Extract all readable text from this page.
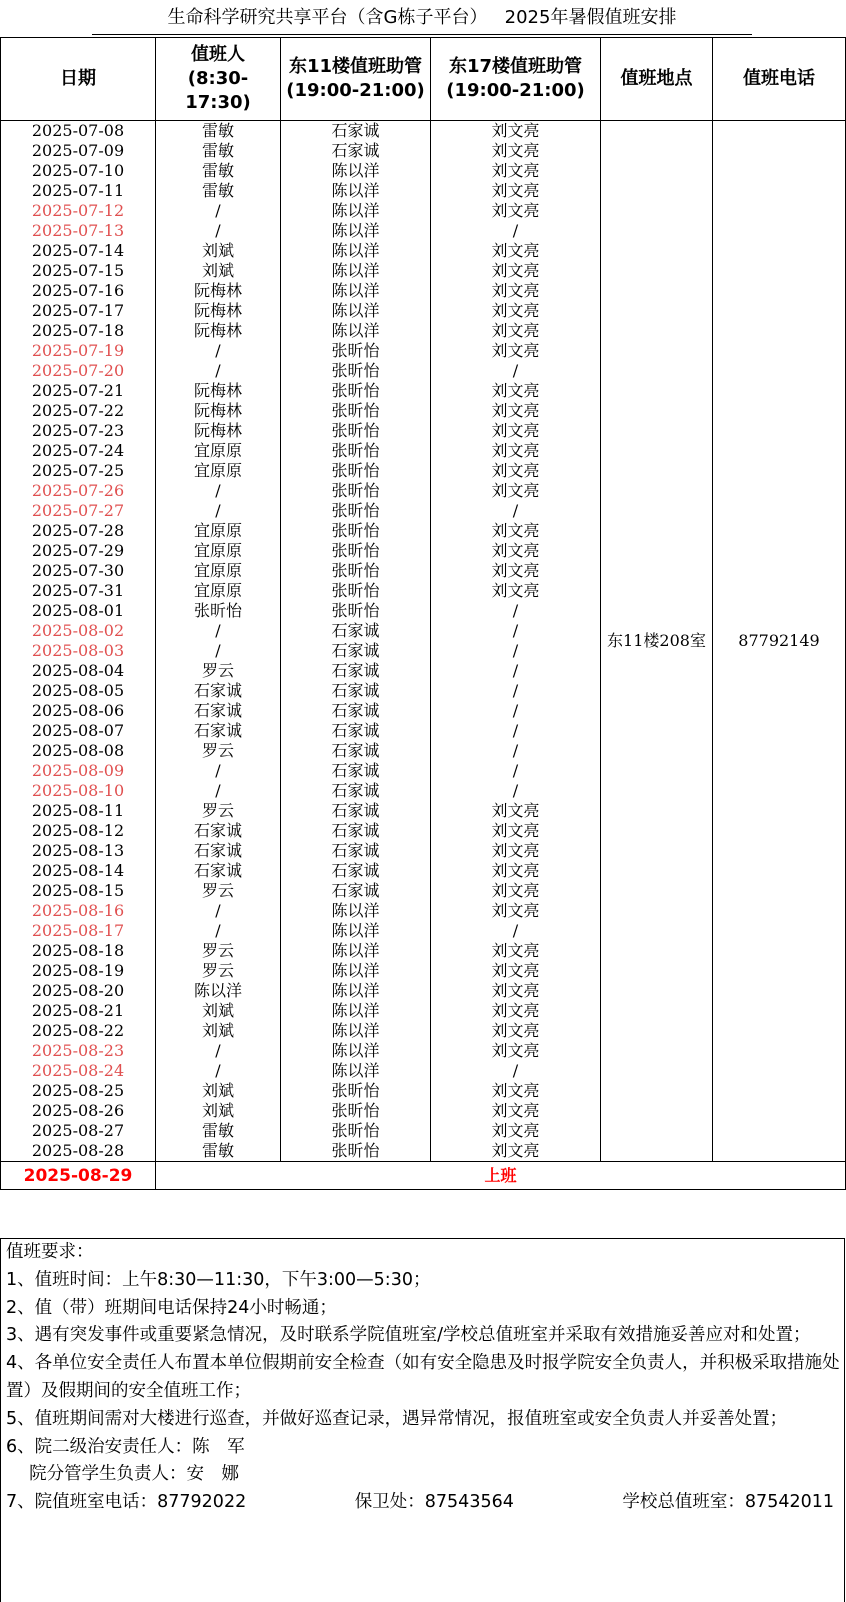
生命科学研究共享平台（含G栋子平台）   2025年暑假值班安排
日期	值班人(8:30-17:30)	东11楼值班助管(19:00-21:00)	东17楼值班助管(19:00-21:00)	值班地点	值班电话
2025-07-08	雷敏	石家诚	刘文亮	东11楼208室	87792149
2025-07-09	雷敏	石家诚	刘文亮		
2025-07-10	雷敏	陈以洋	刘文亮		
2025-07-11	雷敏	陈以洋	刘文亮		
2025-07-12	/	陈以洋	刘文亮		
2025-07-13	/	陈以洋	/		
2025-07-14	刘斌	陈以洋	刘文亮		
2025-07-15	刘斌	陈以洋	刘文亮		
2025-07-16	阮梅林	陈以洋	刘文亮		
2025-07-17	阮梅林	陈以洋	刘文亮		
2025-07-18	阮梅林	陈以洋	刘文亮		
2025-07-19	/	张昕怡	刘文亮		
2025-07-20	/	张昕怡	/		
2025-07-21	阮梅林	张昕怡	刘文亮		
2025-07-22	阮梅林	张昕怡	刘文亮		
2025-07-23	阮梅林	张昕怡	刘文亮		
2025-07-24	宜原原	张昕怡	刘文亮		
2025-07-25	宜原原	张昕怡	刘文亮		
2025-07-26	/	张昕怡	刘文亮		
2025-07-27	/	张昕怡	/		
2025-07-28	宜原原	张昕怡	刘文亮		
2025-07-29	宜原原	张昕怡	刘文亮		
2025-07-30	宜原原	张昕怡	刘文亮		
2025-07-31	宜原原	张昕怡	刘文亮		
2025-08-01	张昕怡	张昕怡	/		
2025-08-02	/	石家诚	/		
2025-08-03	/	石家诚	/		
2025-08-04	罗云	石家诚	/		
2025-08-05	石家诚	石家诚	/		
2025-08-06	石家诚	石家诚	/		
2025-08-07	石家诚	石家诚	/		
2025-08-08	罗云	石家诚	/		
2025-08-09	/	石家诚	/		
2025-08-10	/	石家诚	/		
2025-08-11	罗云	石家诚	刘文亮		
2025-08-12	石家诚	石家诚	刘文亮		
2025-08-13	石家诚	石家诚	刘文亮		
2025-08-14	石家诚	石家诚	刘文亮		
2025-08-15	罗云	石家诚	刘文亮		
2025-08-16	/	陈以洋	刘文亮		
2025-08-17	/	陈以洋	/		
2025-08-18	罗云	陈以洋	刘文亮		
2025-08-19	罗云	陈以洋	刘文亮		
2025-08-20	陈以洋	陈以洋	刘文亮		
2025-08-21	刘斌	陈以洋	刘文亮		
2025-08-22	刘斌	陈以洋	刘文亮		
2025-08-23	/	陈以洋	刘文亮		
2025-08-24	/	陈以洋	/		
2025-08-25	刘斌	张昕怡	刘文亮		
2025-08-26	刘斌	张昕怡	刘文亮		
2025-08-27	雷敏	张昕怡	刘文亮		
2025-08-28	雷敏	张昕怡	刘文亮		
2025-08-29	上班				
值班要求：
1、值班时间：上午8:30—11:30，下午3:00—5:30；
2、值（带）班期间电话保持24小时畅通；
3、遇有突发事件或重要紧急情况，及时联系学院值班室/学校总值班室并采取有效措施妥善应对和处置；
4、各单位安全责任人布置本单位假期前安全检查（如有安全隐患及时报学院安全负责人，并积极采取措施处置）及假期间的安全值班工作；
5、值班期间需对大楼进行巡查，并做好巡查记录，遇异常情况，报值班室或安全负责人并妥善处置；
6、院二级治安责任人：陈　军
　 院分管学生负责人：安　娜
7、院值班室电话：87792022	保卫处：87543564	学校总值班室：87542011
